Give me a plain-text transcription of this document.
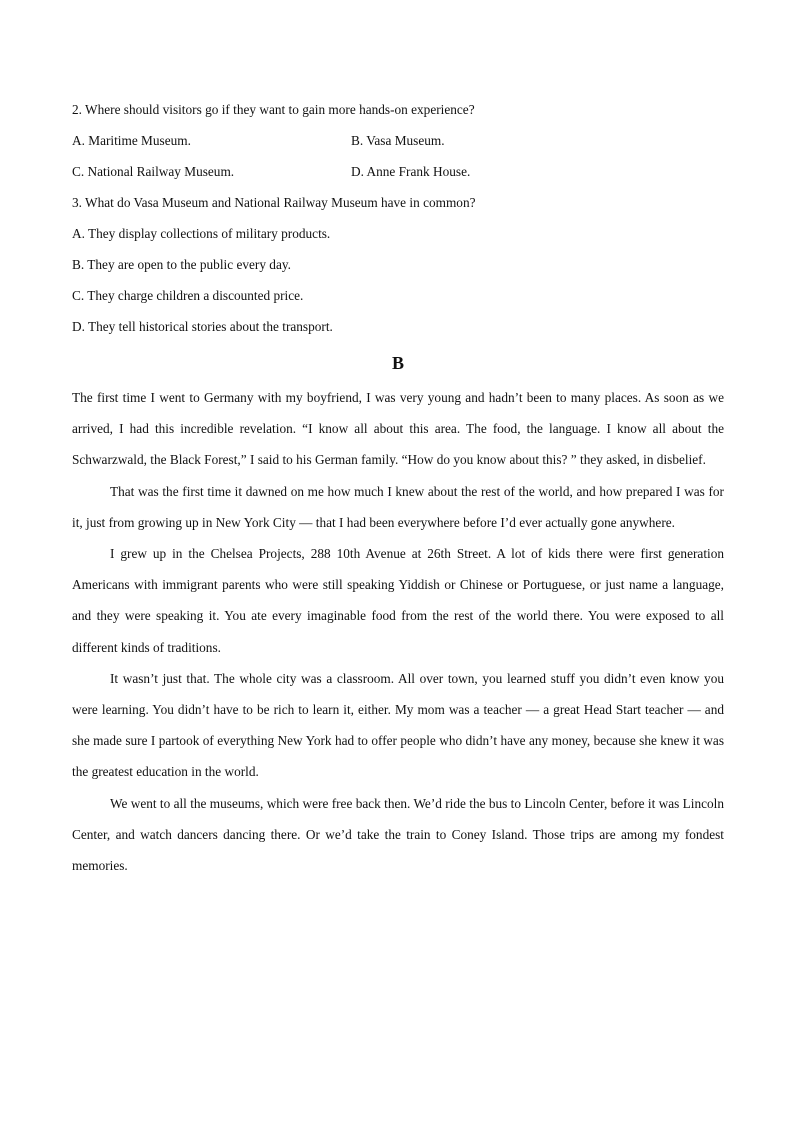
2. Where should visitors go if they want to gain more hands-on experience?
A. Maritime Museum.	B. Vasa Museum.
C. National Railway Museum.	D. Anne Frank House.
3. What do Vasa Museum and National Railway Museum have in common?
A. They display collections of military products.
B. They are open to the public every day.
C. They charge children a discounted price.
D. They tell historical stories about the transport.
B

The first time I went to Germany with my boyfriend, I was very young and hadn’t been to many places. As soon as we arrived, I had this incredible revelation. “I know all about this area. The food, the language. I know all about the Schwarzwald, the Black Forest,” I said to his German family. “How do you know about this? ” they asked, in disbelief.

That was the first time it dawned on me how much I knew about the rest of the world, and how prepared I was for it, just from growing up in New York City — that I had been everywhere before I’d ever actually gone anywhere.

I grew up in the Chelsea Projects, 288 10th Avenue at 26th Street. A lot of kids there were first generation Americans with immigrant parents who were still speaking Yiddish or Chinese or Portuguese, or just name a language, and they were speaking it. You ate every imaginable food from the rest of the world there. You were exposed to all different kinds of traditions.

It wasn’t just that. The whole city was a classroom. All over town, you learned stuff you didn’t even know you were learning. You didn’t have to be rich to learn it, either. My mom was a teacher — a great Head Start teacher — and she made sure I partook of everything New York had to offer people who didn’t have any money, because she knew it was the greatest education in the world.

We went to all the museums, which were free back then. We’d ride the bus to Lincoln Center, before it was Lincoln Center, and watch dancers dancing there. Or we’d take the train to Coney Island. Those trips are among my fondest memories.
